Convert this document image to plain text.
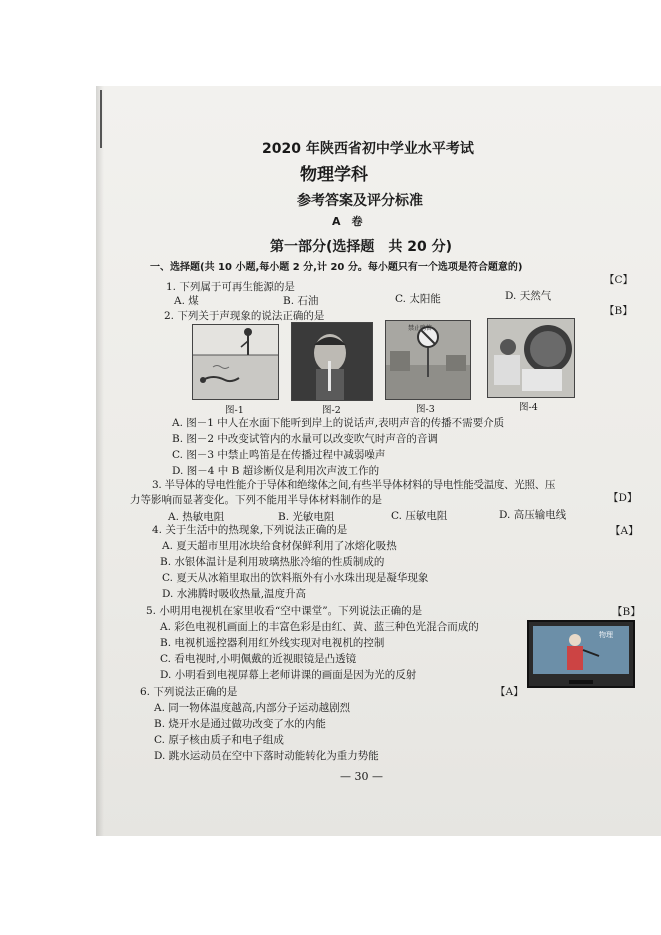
2020 年陕西省初中学业水平考试
物理学科
参考答案及评分标准
A　卷
第一部分(选择题　共 20 分)
一、选择题(共 10 小题,每小题 2 分,计 20 分。每小题只有一个选项是符合题意的)
【C】
1. 下列属于可再生能源的是
A. 煤	B. 石油	C. 太阳能	D. 天然气
【B】
2. 下列关于声现象的说法正确的是
禁止鸣笛
图-1	图-2	图-3	图-4
A. 图－1 中人在水面下能听到岸上的说话声,表明声音的传播不需要介质
B. 图－2 中改变试管内的水量可以改变吹气时声音的音调
C. 图－3 中禁止鸣笛是在传播过程中减弱噪声
D. 图－4 中 B 超诊断仪是利用次声波工作的
3. 半导体的导电性能介于导体和绝缘体之间,有些半导体材料的导电性能受温度、光照、压
力等影响而显著变化。下列不能用半导体材料制作的是	【D】
A. 热敏电阻	B. 光敏电阻	C. 压敏电阻	D. 高压输电线
4. 关于生活中的热现象,下列说法正确的是	【A】
A. 夏天超市里用冰块给食材保鲜利用了冰熔化吸热
B. 水银体温计是利用玻璃热胀冷缩的性质制成的
C. 夏天从冰箱里取出的饮料瓶外有小水珠出现是凝华现象
D. 水沸腾时吸收热量,温度升高
5. 小明用电视机在家里收看“空中课堂”。下列说法正确的是	【B】
A. 彩色电视机画面上的丰富色彩是由红、黄、蓝三种色光混合而成的
B. 电视机遥控器利用红外线实现对电视机的控制
C. 看电视时,小明佩戴的近视眼镜是凸透镜
D. 小明看到电视屏幕上老师讲课的画面是因为光的反射
物理
6. 下列说法正确的是	【A】
A. 同一物体温度越高,内部分子运动越剧烈
B. 烧开水是通过做功改变了水的内能
C. 原子核由质子和电子组成
D. 跳水运动员在空中下落时动能转化为重力势能
— 30 —
